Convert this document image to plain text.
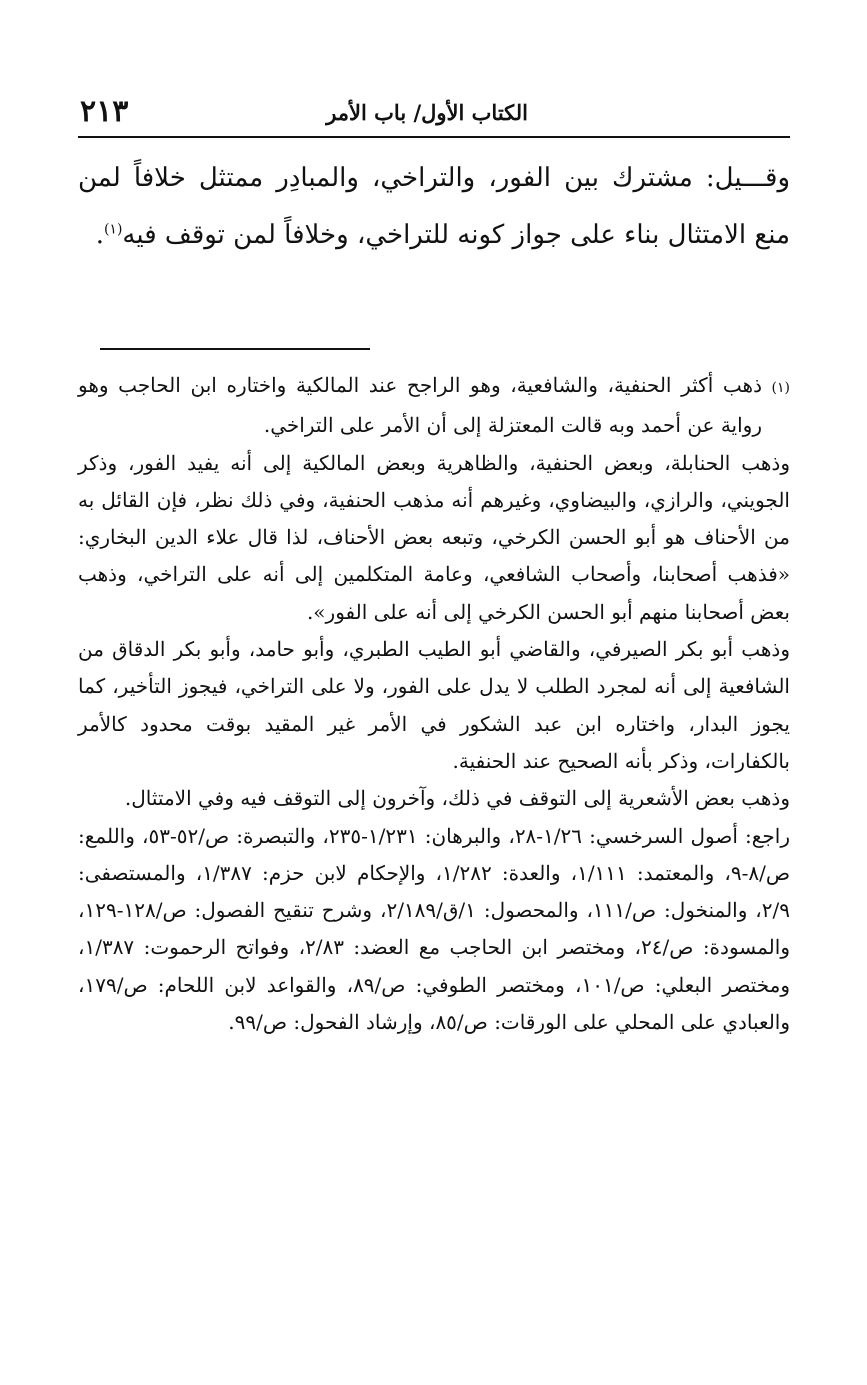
الكتاب الأول/ باب الأمر
٢١٣

وقـــيل: مشترك بين الفور، والتراخي، والمبادِر ممتثل خلافاً لمن منع الامتثال بناء على جواز كونه للتراخي، وخلافاً لمن توقف فيه$^{(١)}$.

(١)ذهب أكثر الحنفية، والشافعية، وهو الراجح عند المالكية واختاره ابن الحاجب وهو رواية عن أحمد وبه قالت المعتزلة إلى أن الأمر على التراخي.

وذهب الحنابلة، وبعض الحنفية، والظاهرية وبعض المالكية إلى أنه يفيد الفور، وذكر الجويني، والرازي، والبيضاوي، وغيرهم أنه مذهب الحنفية، وفي ذلك نظر، فإن القائل به من الأحناف هو أبو الحسن الكرخي، وتبعه بعض الأحناف، لذا قال علاء الدين البخاري: «فذهب أصحابنا، وأصحاب الشافعي، وعامة المتكلمين إلى أنه على التراخي، وذهب بعض أصحابنا منهم أبو الحسن الكرخي إلى أنه على الفور».

وذهب أبو بكر الصيرفي، والقاضي أبو الطيب الطبري، وأبو حامد، وأبو بكر الدقاق من الشافعية إلى أنه لمجرد الطلب لا يدل على الفور، ولا على التراخي، فيجوز التأخير، كما يجوز البدار، واختاره ابن عبد الشكور في الأمر غير المقيد بوقت محدود كالأمر بالكفارات، وذكر بأنه الصحيح عند الحنفية.

وذهب بعض الأشعرية إلى التوقف في ذلك، وآخرون إلى التوقف فيه وفي الامتثال.

راجع: أصول السرخسي: ١/٢٦-٢٨، والبرهان: ١/٢٣١-٢٣٥، والتبصرة: ص/٥٢-٥٣، واللمع: ص/٨-٩، والمعتمد: ١/١١١، والعدة: ١/٢٨٢، والإحكام لابن حزم: ١/٣٨٧، والمستصفى: ٢/٩، والمنخول: ص/١١١، والمحصول: ١/ق/٢/١٨٩، وشرح تنقيح الفصول: ص/١٢٨-١٢٩، والمسودة: ص/٢٤، ومختصر ابن الحاجب مع العضد: ٢/٨٣، وفواتح الرحموت: ١/٣٨٧، ومختصر البعلي: ص/١٠١، ومختصر الطوفي: ص/٨٩، والقواعد لابن اللحام: ص/١٧٩، والعبادي على المحلي على الورقات: ص/٨٥، وإرشاد الفحول: ص/٩٩.
